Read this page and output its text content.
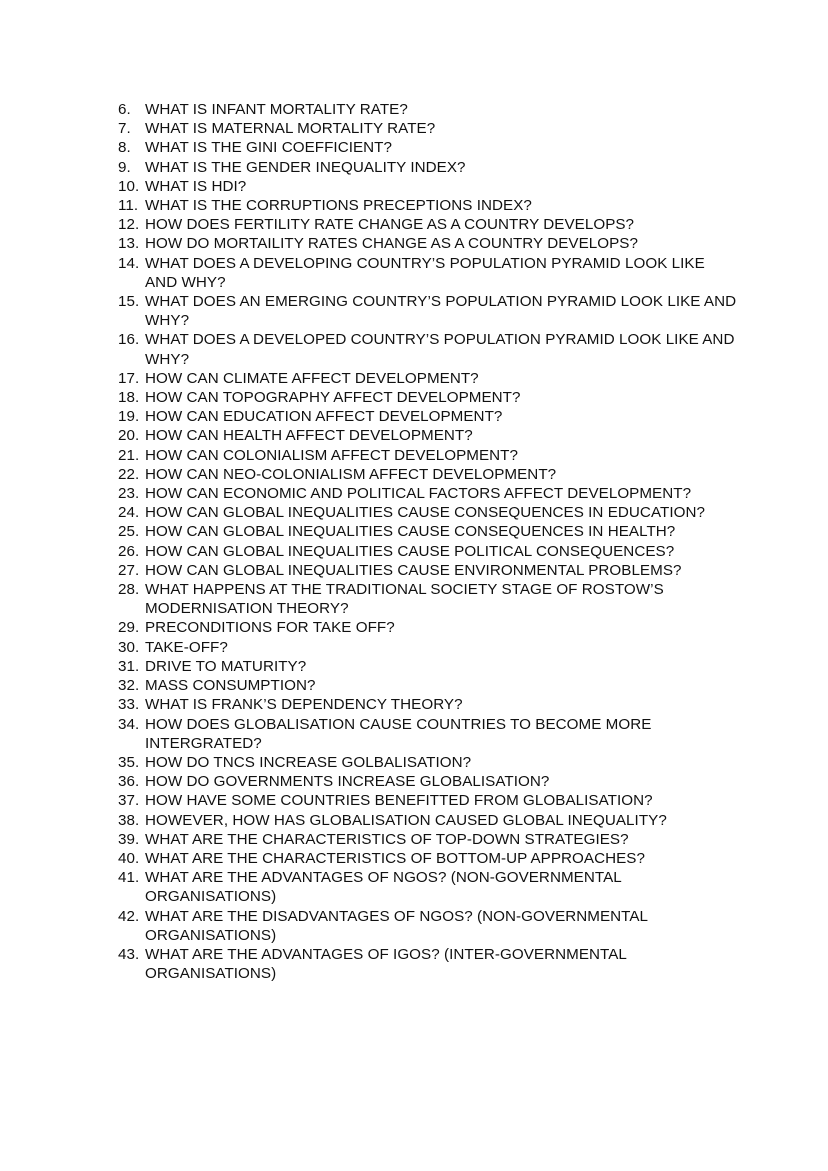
6. WHAT IS INFANT MORTALITY RATE?
7. WHAT IS MATERNAL MORTALITY RATE?
8. WHAT IS THE GINI COEFFICIENT?
9. WHAT IS THE GENDER INEQUALITY INDEX?
10. WHAT IS HDI?
11. WHAT IS THE CORRUPTIONS PRECEPTIONS INDEX?
12. HOW DOES FERTILITY RATE CHANGE AS A COUNTRY DEVELOPS?
13. HOW DO MORTAILITY RATES CHANGE AS A COUNTRY DEVELOPS?
14. WHAT DOES A DEVELOPING COUNTRY’S POPULATION PYRAMID LOOK LIKE AND WHY?
15. WHAT DOES AN EMERGING COUNTRY’S POPULATION PYRAMID LOOK LIKE AND WHY?
16. WHAT DOES A DEVELOPED COUNTRY’S POPULATION PYRAMID LOOK LIKE AND WHY?
17. HOW CAN CLIMATE AFFECT DEVELOPMENT?
18. HOW CAN TOPOGRAPHY AFFECT DEVELOPMENT?
19. HOW CAN EDUCATION AFFECT DEVELOPMENT?
20. HOW CAN HEALTH AFFECT DEVELOPMENT?
21. HOW CAN COLONIALISM AFFECT DEVELOPMENT?
22. HOW CAN NEO-COLONIALISM AFFECT DEVELOPMENT?
23. HOW CAN ECONOMIC AND POLITICAL FACTORS AFFECT DEVELOPMENT?
24. HOW CAN GLOBAL INEQUALITIES CAUSE CONSEQUENCES IN EDUCATION?
25. HOW CAN GLOBAL INEQUALITIES CAUSE CONSEQUENCES IN HEALTH?
26. HOW CAN GLOBAL INEQUALITIES CAUSE POLITICAL CONSEQUENCES?
27. HOW CAN GLOBAL INEQUALITIES CAUSE ENVIRONMENTAL PROBLEMS?
28. WHAT HAPPENS AT THE TRADITIONAL SOCIETY STAGE OF ROSTOW’S MODERNISATION THEORY?
29. PRECONDITIONS FOR TAKE OFF?
30. TAKE-OFF?
31. DRIVE TO MATURITY?
32. MASS CONSUMPTION?
33. WHAT IS FRANK’S DEPENDENCY THEORY?
34. HOW DOES GLOBALISATION CAUSE COUNTRIES TO BECOME MORE INTERGRATED?
35. HOW DO TNCS INCREASE GOLBALISATION?
36. HOW DO GOVERNMENTS INCREASE GLOBALISATION?
37. HOW HAVE SOME COUNTRIES BENEFITTED FROM GLOBALISATION?
38. HOWEVER, HOW HAS GLOBALISATION CAUSED GLOBAL INEQUALITY?
39. WHAT ARE THE CHARACTERISTICS OF TOP-DOWN STRATEGIES?
40. WHAT ARE THE CHARACTERISTICS OF BOTTOM-UP APPROACHES?
41. WHAT ARE THE ADVANTAGES OF NGOS? (NON-GOVERNMENTAL ORGANISATIONS)
42. WHAT ARE THE DISADVANTAGES OF NGOS? (NON-GOVERNMENTAL ORGANISATIONS)
43. WHAT ARE THE ADVANTAGES OF IGOS? (INTER-GOVERNMENTAL ORGANISATIONS)
